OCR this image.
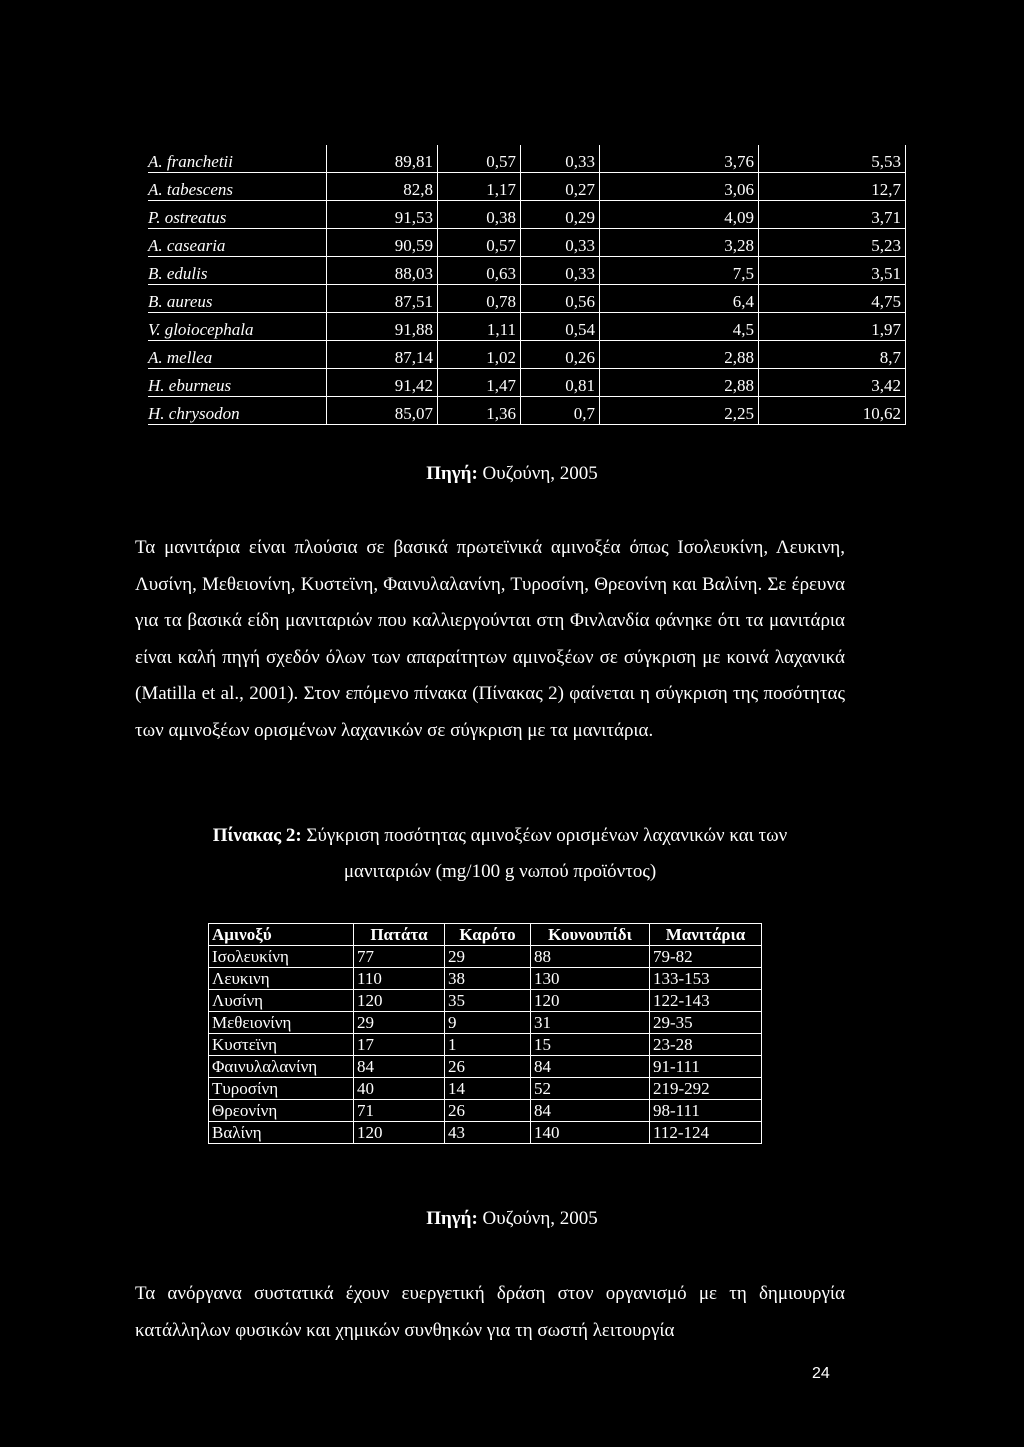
A. franchetii	89,81	0,57	0,33	3,76	5,53
A. tabescens	82,8	1,17	0,27	3,06	12,7
P. ostreatus	91,53	0,38	0,29	4,09	3,71
A. casearia	90,59	0,57	0,33	3,28	5,23
B. edulis	88,03	0,63	0,33	7,5	3,51
B. aureus	87,51	0,78	0,56	6,4	4,75
V. gloiocephala	91,88	1,11	0,54	4,5	1,97
A. mellea	87,14	1,02	0,26	2,88	8,7
H. eburneus	91,42	1,47	0,81	2,88	3,42
H. chrysodon	85,07	1,36	0,7	2,25	10,62
Πηγή: Ουζούνη, 2005
Τα μανιτάρια είναι πλούσια σε βασικά πρωτεϊνικά αμινοξέα όπως Ισολευκίνη, Λευκινη, Λυσίνη, Μεθειονίνη, Κυστεϊνη, Φαινυλαλανίνη, Τυροσίνη, Θρεονίνη και Βαλίνη. Σε έρευνα για τα βασικά είδη μανιταριών που καλλιεργούνται στη Φινλανδία φάνηκε ότι τα μανιτάρια είναι καλή πηγή σχεδόν όλων των απαραίτητων αμινοξέων σε σύγκριση με κοινά λαχανικά (Matilla et al., 2001). Στον επόμενο πίνακα (Πίνακας 2) φαίνεται η σύγκριση της ποσότητας των αμινοξέων ορισμένων λαχανικών σε σύγκριση με τα μανιτάρια.
Πίνακας 2: Σύγκριση ποσότητας αμινοξέων ορισμένων λαχανικών και των
μανιταριών (mg/100 g νωπού προϊόντος)
Αμινοξύ	Πατάτα	Καρότο	Κουνουπίδι	Μανιτάρια
Ισολευκίνη	77	29	88	79-82
Λευκινη	110	38	130	133-153
Λυσίνη	120	35	120	122-143
Μεθειονίνη	29	9	31	29-35
Κυστεϊνη	17	1	15	23-28
Φαινυλαλανίνη	84	26	84	91-111
Τυροσίνη	40	14	52	219-292
Θρεονίνη	71	26	84	98-111
Βαλίνη	120	43	140	112-124
Πηγή: Ουζούνη, 2005
Τα ανόργανα συστατικά έχουν ευεργετική δράση στον οργανισμό με τη δημιουργία κατάλληλων φυσικών και χημικών συνθηκών για τη σωστή λειτουργία
24
